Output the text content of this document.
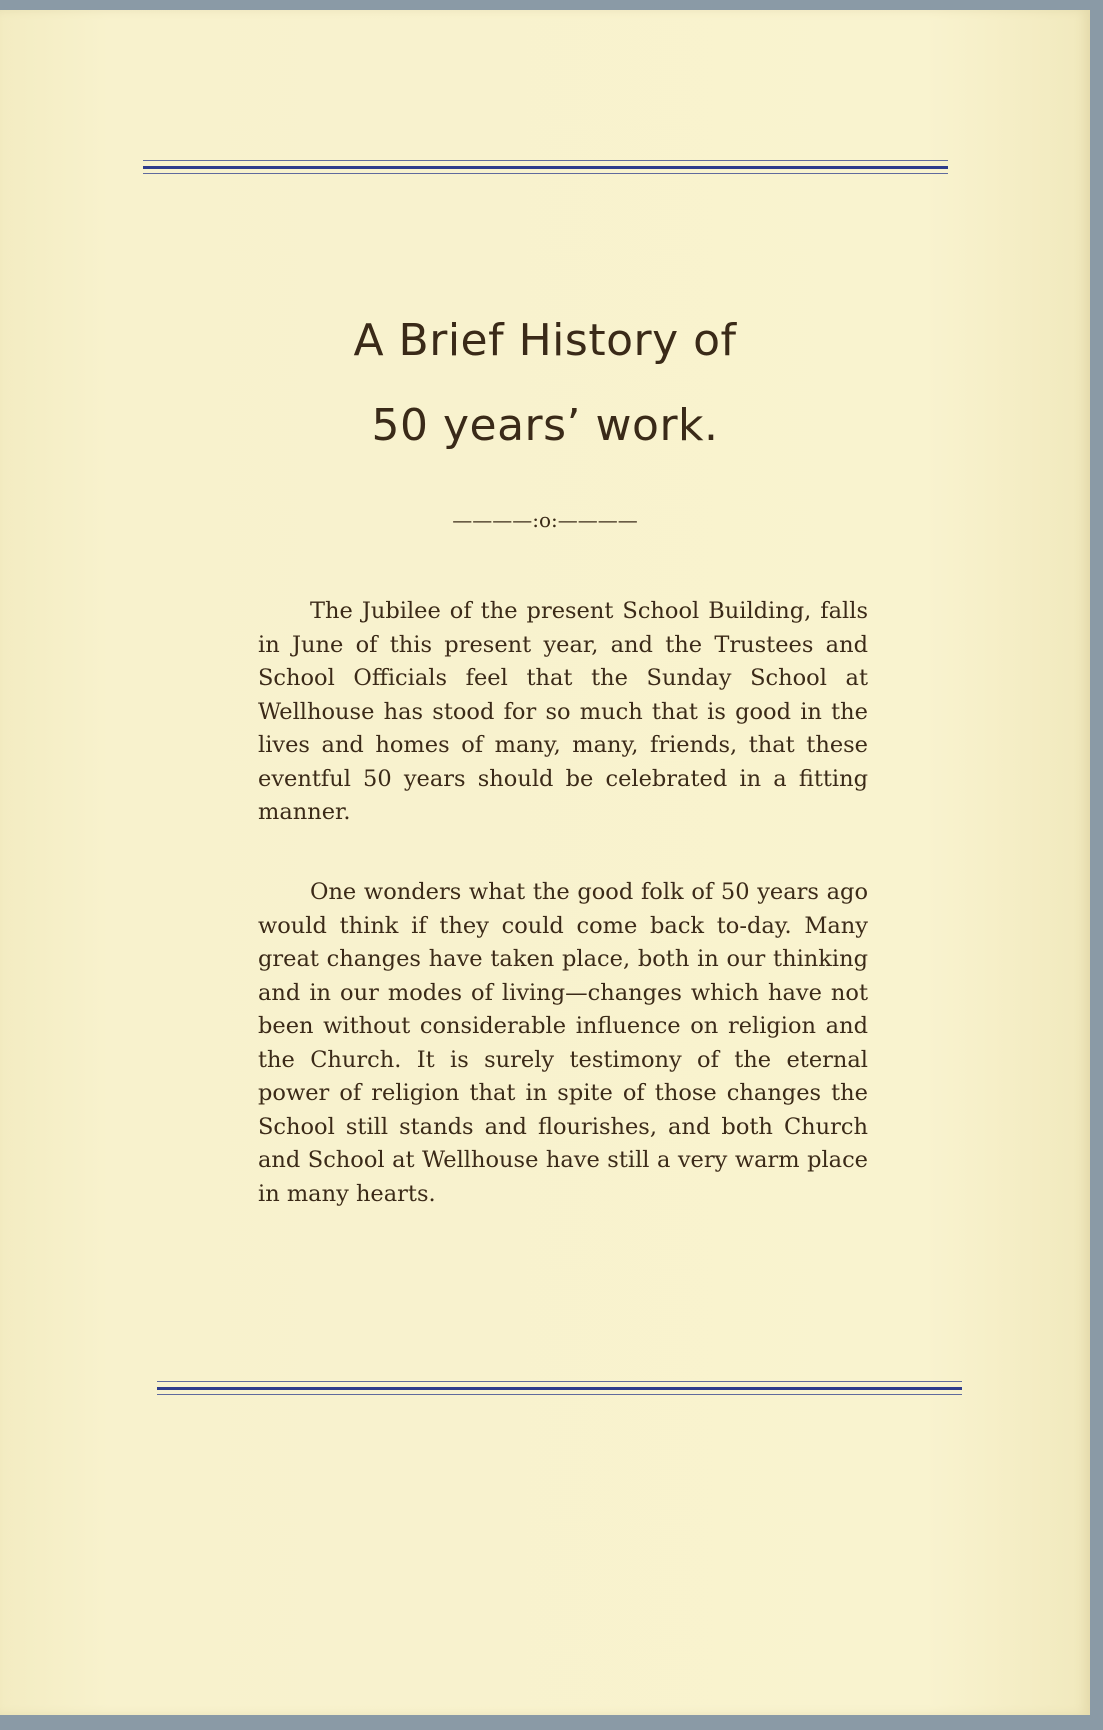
A Brief History of
50 years’ work.
————:o:————

The Jubilee of the present School Building, falls in June of this present year, and the Trustees and School Officials feel that the Sunday School at Wellhouse has stood for so much that is good in the lives and homes of many, many, friends, that these eventful 50 years should be celebrated in a fitting manner.

One wonders what the good folk of 50 years ago would think if they could come back to-day. Many great changes have taken place, both in our thinking and in our modes of living—changes which have not been without considerable influence on religion and the Church. It is surely testimony of the eternal power of religion that in spite of those changes the School still stands and flourishes, and both Church and School at Wellhouse have still a very warm place in many hearts.
